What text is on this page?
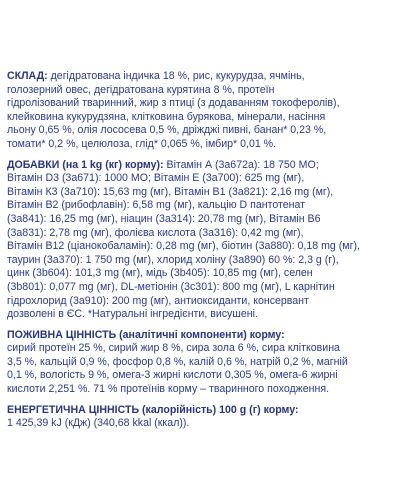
СКЛАД: дегідратована індичка 18 %, рис, кукурудза, ячмінь,
голозерний овес, дегідратована курятина 8 %, протеїн
гідролізований тваринний, жир з птиці (з додаванням токоферолів),
клейковина кукурудзяна, клітковина бурякова, мінерали, насіння
льону 0,65 %, олія лососева 0,5 %, дріжджі пивні, банан* 0,23 %,
томати* 0,2 %, целюлоза, глід* 0,065 %, імбир* 0,01 %.
ДОБАВКИ (на 1 kg (кг) корму): Вітамін А (3a672a): 18 750 МО;
Вітамін D3 (3a671): 1000 МО; Вітамін Е (3a700): 625 mg (мг),
Вітамін К3 (3a710): 15,63 mg (мг), Вітамін В1 (3a821): 2,16 mg (мг),
Вітамін В2 (рибофлавін): 6,58 mg (мг), кальцію D пантотенат
(3a841): 16,25 mg (мг), ніацин (3a314): 20,78 mg (мг), Вітамін В6
(3a831): 2,78 mg (мг), фолієва кислота (3a316): 0,42 mg (мг),
Вітамін В12 (ціанокобаламін): 0,28 mg (мг), біотин (3a880): 0,18 mg (мг),
таурин (3a370): 1 750 mg (мг), хлорид холіну (3a890) 60 %: 2,3 g (г),
цинк (3b604): 101,3 mg (мг), мідь (3b405): 10,85 mg (мг), селен
(3b801): 0,077 mg (мг), DL-метіонін (3c301): 800 mg (мг), L карнітин
гідрохлорид (3a910): 200 mg (мг), антиоксиданти, консервант
дозволені в ЄС. *Натуральні інгредієнти, висушені.
ПОЖИВНА ЦІННІСТЬ (аналітичні компоненти) корму:
сирий протеїн 25 %, сирий жир 8 %, сира зола 6 %, сира клітковина
3,5 %, кальцій 0,9 %, фосфор 0,8 %, калій 0,6 %, натрій 0,2 %, магній
0,1 %, вологість 9 %, омега-3 жирні кислоти 0,305 %, омега-6 жирні
кислоти 2,251 %. 71 % протеїнів корму – тваринного походження.
ЕНЕРГЕТИЧНА ЦІННІСТЬ (калорійність) 100 g (г) корму:
1 425,39 kJ (кДж) (340,68 kkal (ккал)).
